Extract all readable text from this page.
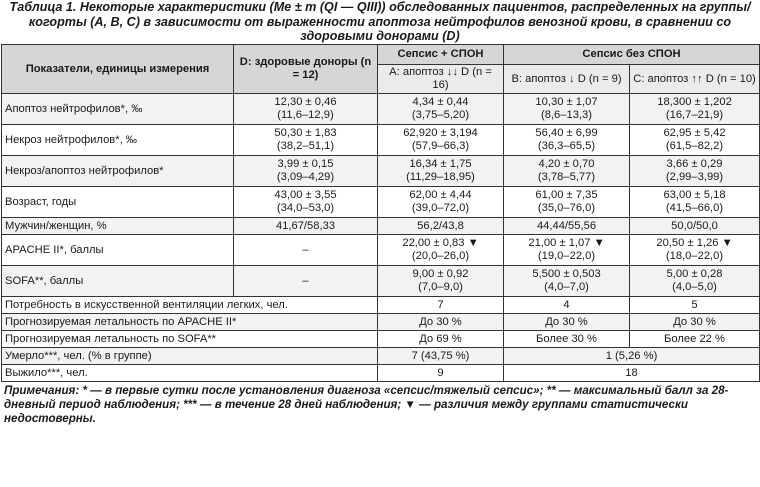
Таблица 1. Некоторые характеристики (Me ± m (QI — QIII)) обследованных пациентов, распределенных на группы/когорты (A, B, C) в зависимости от выраженности апоптоза нейтрофилов венозной крови, в сравнении со здоровыми донорами (D)

Показатели, единицы измерения	D: здоровые доноры (n = 12)	Сепсис + СПОН	Сепсис без СПОН	
		A: апоптоз ↓↓ D (n = 16)	B: апоптоз ↓ D (n = 9)	C: апоптоз ↑↑ D (n = 10)
Апоптоз нейтрофилов*, ‰	12,30 ± 0,46
(11,6–12,9)	4,34 ± 0,44
(3,75–5,20)	10,30 ± 1,07
(8,6–13,3)	18,300 ± 1,202
(16,7–21,9)

Некроз нейтрофилов*, ‰	50,30 ± 1,83
(38,2–51,1)	62,920 ± 3,194
(57,9–66,3)	56,40 ± 6,99
(36,3–65,5)	62,95 ± 5,42
(61,5–82,2)

Некроз/апоптоз нейтрофилов*	3,99 ± 0,15
(3,09–4,29)	16,34 ± 1,75
(11,29–18,95)	4,20 ± 0,70
(3,78–5,77)	3,66 ± 0,29
(2,99–3,99)

Возраст, годы	43,00 ± 3,55
(34,0–53,0)	62,00 ± 4,44
(39,0–72,0)	61,00 ± 7,35
(35,0–76,0)	63,00 ± 5,18
(41,5–66,0)

Мужчин/женщин, %	41,67/58,33	56,2/43,8	44,44/55,56	50,0/50,0

APACHE II*, баллы	–	22,00 ± 0,83 ▼
(20,0–26,0)	21,00 ± 1,07 ▼
(19,0–22,0)	20,50 ± 1,26 ▼
(18,0–22,0)

SOFA**, баллы	–	9,00 ± 0,92
(7,0–9,0)	5,500 ± 0,503
(4,0–7,0)	5,00 ± 0,28
(4,0–5,0)

Потребность в искусственной вентиляции легких, чел.		7	4	5
Прогнозируемая летальность по APACHE II*		До 30 %	До 30 %	До 30 %
Прогнозируемая летальность по SOFA**		До 69 %	Более 30 %	Более 22 %
Умерло***, чел. (% в группе)		7 (43,75 %)	1 (5,26 %)	
Выжило***, чел.		9	18	

Примечания: * — в первые сутки после установления диагноза «сепсис/тяжелый сепсис»; ** — максимальный балл за 28-дневный период наблюдения; *** — в течение 28 дней наблюдения; ▼ — различия между группами статистически недостоверны.
